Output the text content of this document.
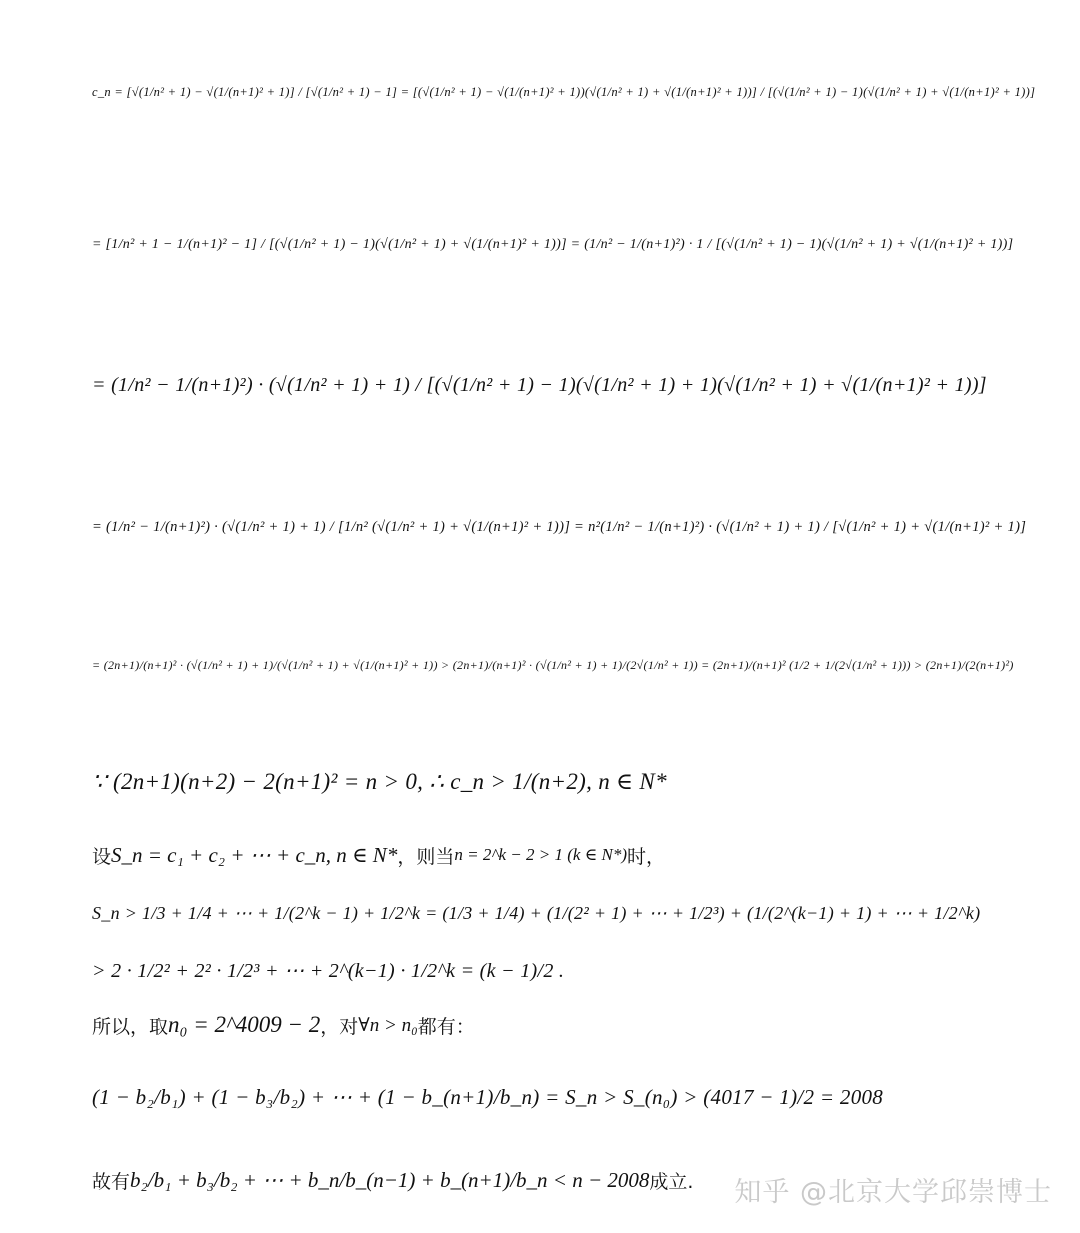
c_n = [√(1/n² + 1) − √(1/(n+1)² + 1)] / [√(1/n² + 1) − 1] = [(√(1/n² + 1) − √(1/(n+1)² + 1))(√(1/n² + 1) + √(1/(n+1)² + 1))] / [(√(1/n² + 1) − 1)(√(1/n² + 1) + √(1/(n+1)² + 1))]
= [1/n² + 1 − 1/(n+1)² − 1] / [(√(1/n² + 1) − 1)(√(1/n² + 1) + √(1/(n+1)² + 1))] = (1/n² − 1/(n+1)²) · 1 / [(√(1/n² + 1) − 1)(√(1/n² + 1) + √(1/(n+1)² + 1))]
= (1/n² − 1/(n+1)²) · (√(1/n² + 1) + 1) / [(√(1/n² + 1) − 1)(√(1/n² + 1) + 1)(√(1/n² + 1) + √(1/(n+1)² + 1))]
= (1/n² − 1/(n+1)²) · (√(1/n² + 1) + 1) / [1/n² (√(1/n² + 1) + √(1/(n+1)² + 1))] = n²(1/n² − 1/(n+1)²) · (√(1/n² + 1) + 1) / [√(1/n² + 1) + √(1/(n+1)² + 1)]
= (2n+1)/(n+1)² · (√(1/n² + 1) + 1)/(√(1/n² + 1) + √(1/(n+1)² + 1)) > (2n+1)/(n+1)² · (√(1/n² + 1) + 1)/(2√(1/n² + 1)) = (2n+1)/(n+1)² (1/2 + 1/(2√(1/n² + 1))) > (2n+1)/(2(n+1)²)
∵ (2n+1)(n+2) − 2(n+1)² = n > 0, ∴ c_n > 1/(n+2), n ∈ N*
设 S_n = c₁ + c₂ + ⋯ + c_n, n ∈ N* ，则当 n = 2^k − 2 > 1 (k ∈ N*) 时，
S_n > 1/3 + 1/4 + ⋯ + 1/(2^k − 1) + 1/2^k = (1/3 + 1/4) + (1/(2² + 1) + ⋯ + 1/2³) + (1/(2^(k−1) + 1) + ⋯ + 1/2^k)
> 2 · 1/2² + 2² · 1/2³ + ⋯ + 2^(k−1) · 1/2^k = (k − 1)/2 .
所以，取 n₀ = 2^4009 − 2 ，对 ∀n > n₀ 都有：
(1 − b₂/b₁) + (1 − b₃/b₂) + ⋯ + (1 − b_(n+1)/b_n) = S_n > S_(n₀) > (4017 − 1)/2 = 2008
故有 b₂/b₁ + b₃/b₂ + ⋯ + b_n/b_(n−1) + b_(n+1)/b_n < n − 2008 成立. 知乎 @北京大学邱崇博士
